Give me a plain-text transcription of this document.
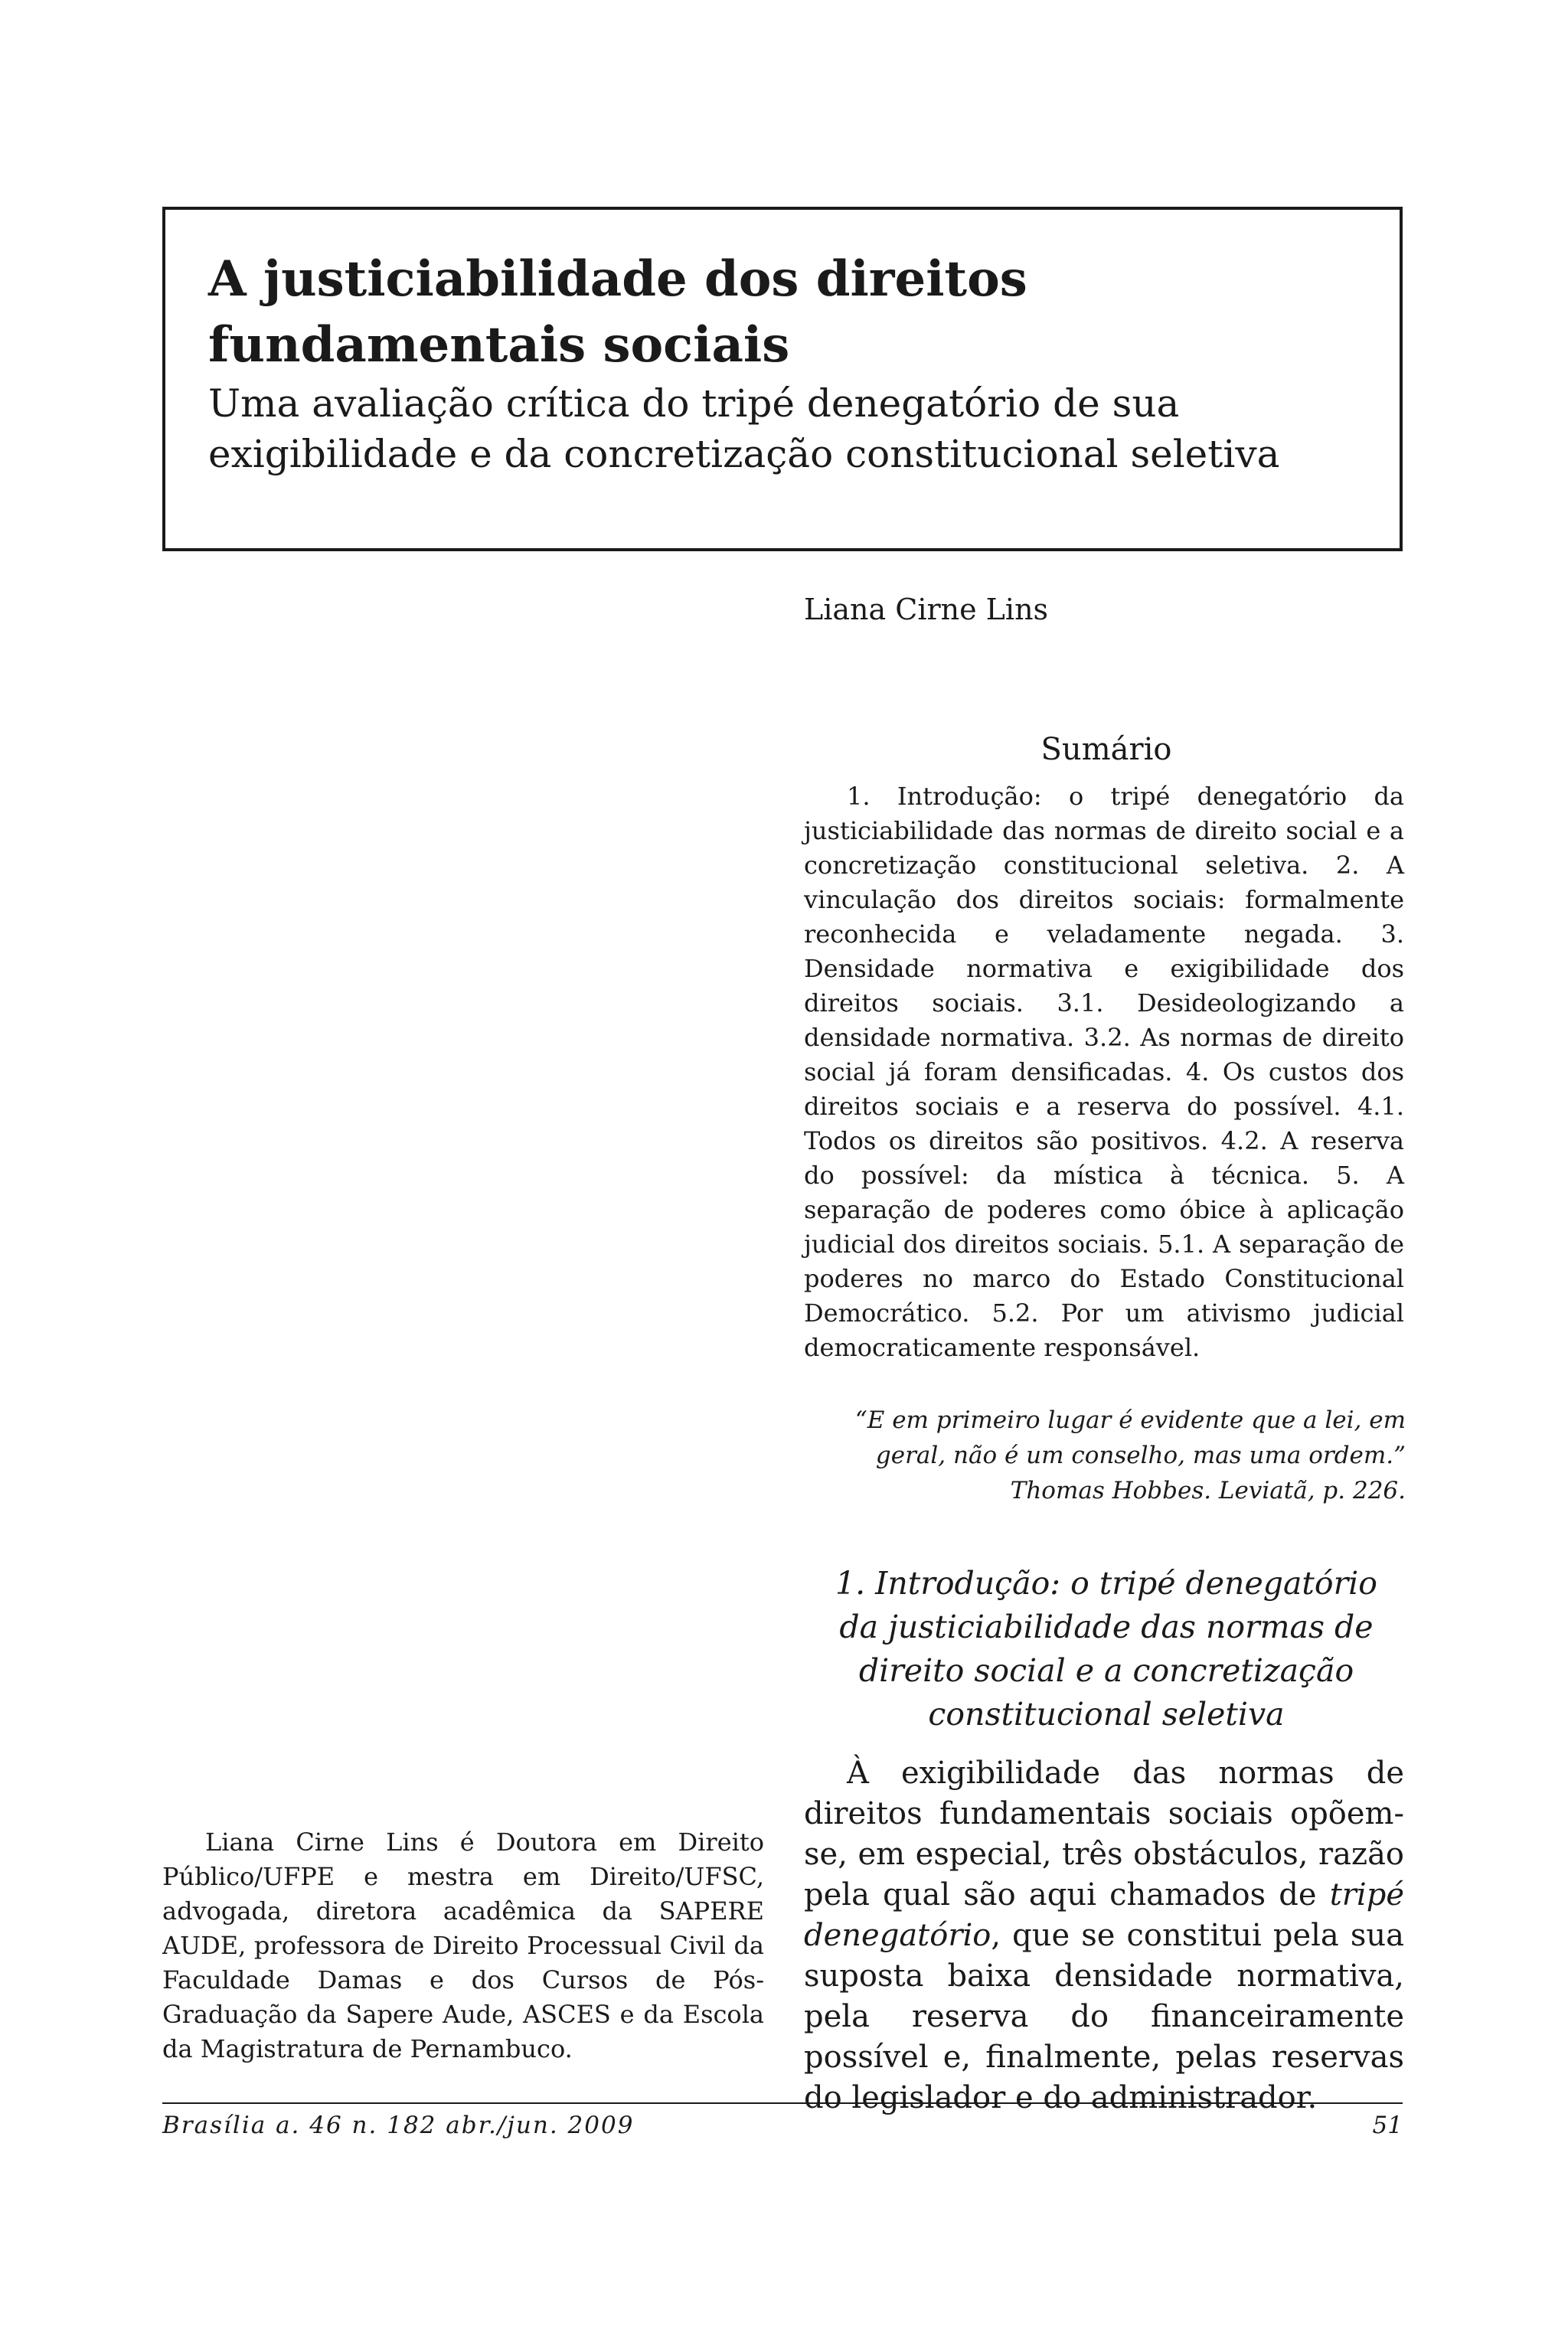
A justiciabilidade dos direitos
fundamentais sociais
Uma avaliação crítica do tripé denegatório de sua
exigibilidade e da concretização constitucional seletiva
Liana Cirne Lins
Sumário

1. Introdução: o tripé denegatório da justiciabilidade das normas de direito social e a concretização constitucional seletiva. 2. A vinculação dos direitos sociais: formalmente reconhecida e veladamente negada. 3. Densidade normativa e exigibilidade dos direitos sociais. 3.1. Desideologizando a densidade normativa. 3.2. As normas de direito social já foram densificadas. 4. Os custos dos direitos sociais e a reserva do possível. 4.1. Todos os direitos são positivos. 4.2. A reserva do possível: da mística à técnica. 5. A separação de poderes como óbice à aplicação judicial dos direitos sociais. 5.1. A separação de poderes no marco do Estado Constitucional Democrático. 5.2. Por um ativismo judicial democraticamente responsável.

“E em primeiro lugar é evidente que a lei, em
geral, não é um conselho, mas uma ordem.”
Thomas Hobbes. Leviatã, p. 226.
1. Introdução: o tripé denegatório
da justiciabilidade das normas de
direito social e a concretização
constitucional seletiva

À exigibilidade das normas de direitos fundamentais sociais opõem-se, em especial, três obstáculos, razão pela qual são aqui chamados de tripé denegatório, que se constitui pela sua suposta baixa densidade normativa, pela reserva do financeiramente possível e, finalmente, pelas reservas do legislador e do administrador.

Liana Cirne Lins é Doutora em Direito Público/UFPE e mestra em Direito/UFSC, advogada, diretora acadêmica da SAPERE AUDE, professora de Direito Processual Civil da Faculdade Damas e dos Cursos de Pós-Graduação da Sapere Aude, ASCES e da Escola da Magistratura de Pernambuco.

Brasília a. 46 n. 182 abr./jun. 2009	51
